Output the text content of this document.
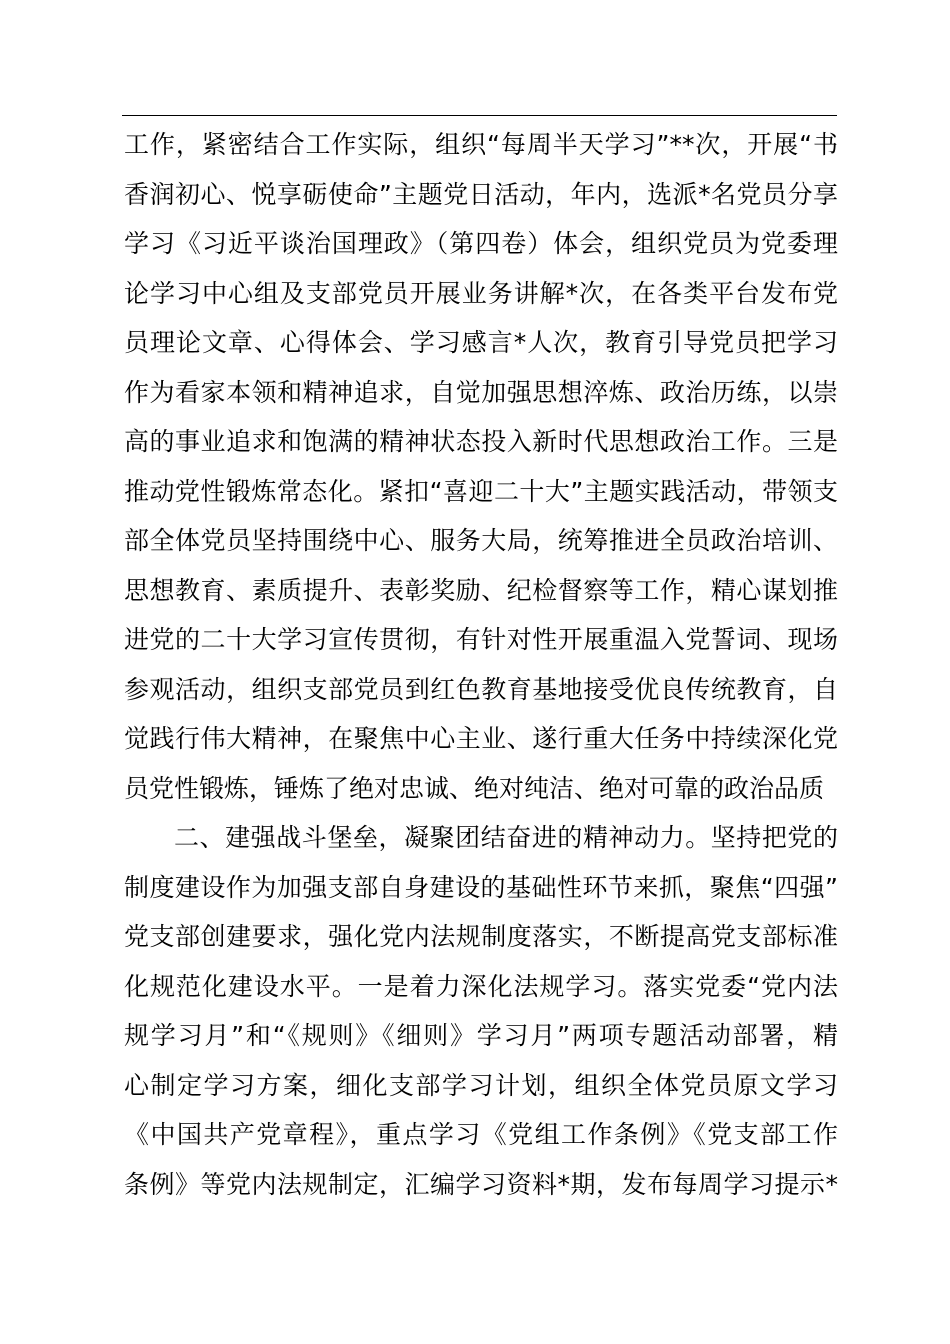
工作，紧密结合工作实际，组织“每周半天学习”**次，开展“书
香润初心、悦享砺使命”主题党日活动，年内，选派*名党员分享
学习《习近平谈治国理政》（第四卷）体会，组织党员为党委理
论学习中心组及支部党员开展业务讲解*次，在各类平台发布党
员理论文章、心得体会、学习感言*人次，教育引导党员把学习
作为看家本领和精神追求，自觉加强思想淬炼、政治历练，以崇
高的事业追求和饱满的精神状态投入新时代思想政治工作。三是
推动党性锻炼常态化。紧扣“喜迎二十大”主题实践活动，带领支
部全体党员坚持围绕中心、服务大局，统筹推进全员政治培训、
思想教育、素质提升、表彰奖励、纪检督察等工作，精心谋划推
进党的二十大学习宣传贯彻，有针对性开展重温入党誓词、现场
参观活动，组织支部党员到红色教育基地接受优良传统教育，自
觉践行伟大精神，在聚焦中心主业、遂行重大任务中持续深化党
员党性锻炼，锤炼了绝对忠诚、绝对纯洁、绝对可靠的政治品质
二、建强战斗堡垒，凝聚团结奋进的精神动力。坚持把党的
制度建设作为加强支部自身建设的基础性环节来抓，聚焦“四强”
党支部创建要求，强化党内法规制度落实，不断提高党支部标准
化规范化建设水平。一是着力深化法规学习。落实党委“党内法
规学习月”和“《规则》《细则》学习月”两项专题活动部署，精
心制定学习方案，细化支部学习计划，组织全体党员原文学习
《中国共产党章程》，重点学习《党组工作条例》《党支部工作
条例》等党内法规制定，汇编学习资料*期，发布每周学习提示*
